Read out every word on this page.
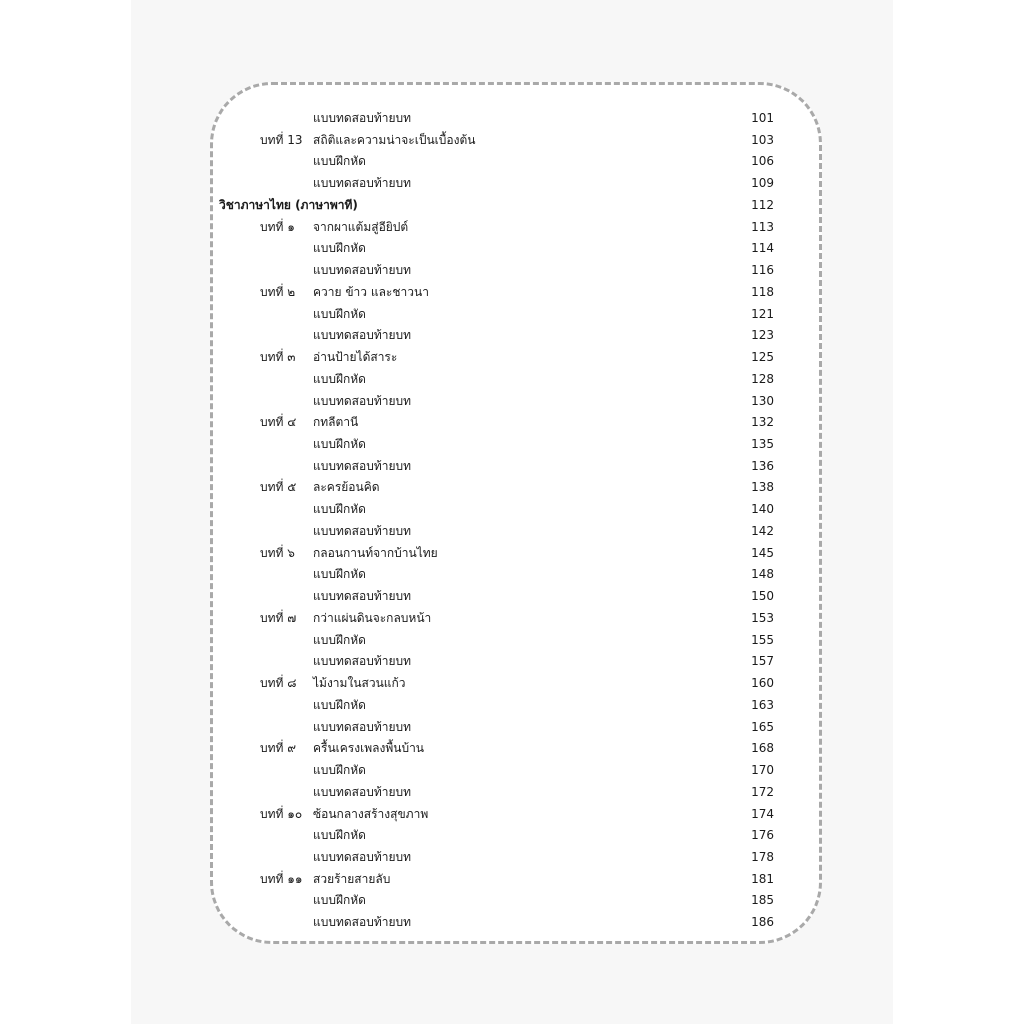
แบบทดสอบท้ายบท	101
บทที่ 13 สถิติและความน่าจะเป็นเบื้องต้น	103
แบบฝึกหัด	106
แบบทดสอบท้ายบท	109
วิชาภาษาไทย (ภาษาพาที)	112
บทที่ ๑ จากผาแต้มสู่อียิปต์	113
แบบฝึกหัด	114
แบบทดสอบท้ายบท	116
บทที่ ๒ ควาย ข้าว และชาวนา	118
แบบฝึกหัด	121
แบบทดสอบท้ายบท	123
บทที่ ๓ อ่านป้ายได้สาระ	125
แบบฝึกหัด	128
แบบทดสอบท้ายบท	130
บทที่ ๔ กทลีตานี	132
แบบฝึกหัด	135
แบบทดสอบท้ายบท	136
บทที่ ๕ ละครย้อนคิด	138
แบบฝึกหัด	140
แบบทดสอบท้ายบท	142
บทที่ ๖ กลอนกานท์จากบ้านไทย	145
แบบฝึกหัด	148
แบบทดสอบท้ายบท	150
บทที่ ๗ กว่าแผ่นดินจะกลบหน้า	153
แบบฝึกหัด	155
แบบทดสอบท้ายบท	157
บทที่ ๘ ไม้งามในสวนแก้ว	160
แบบฝึกหัด	163
แบบทดสอบท้ายบท	165
บทที่ ๙ ครื้นเครงเพลงพื้นบ้าน	168
แบบฝึกหัด	170
แบบทดสอบท้ายบท	172
บทที่ ๑๐ ซ้อนกลางสร้างสุขภาพ	174
แบบฝึกหัด	176
แบบทดสอบท้ายบท	178
บทที่ ๑๑ สวยร้ายสายลับ	181
แบบฝึกหัด	185
แบบทดสอบท้ายบท	186
